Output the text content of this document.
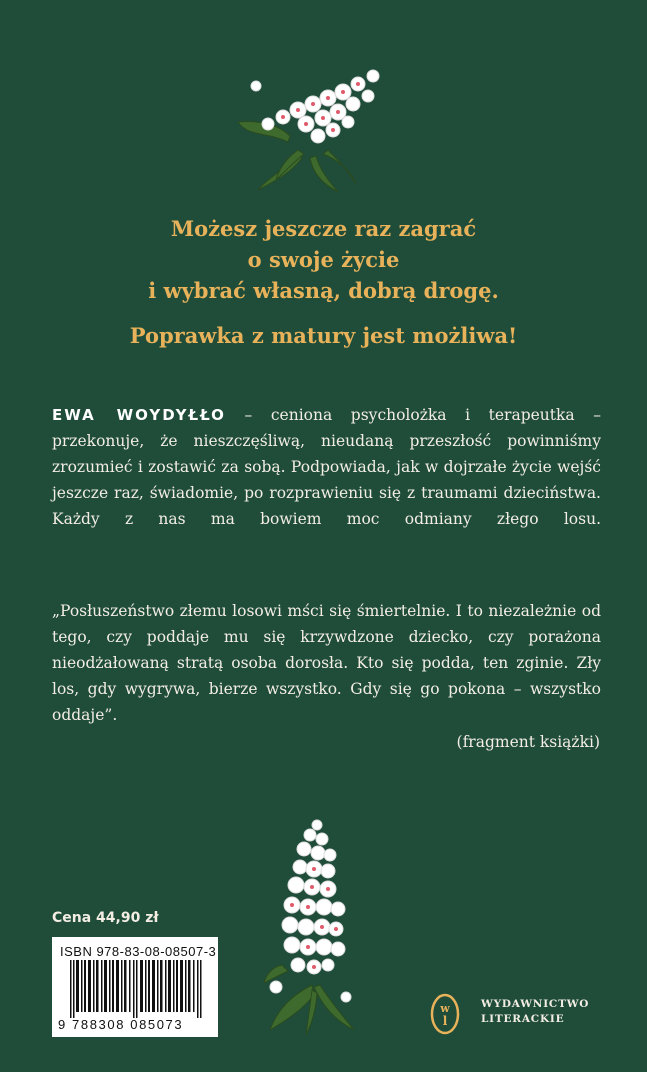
Możesz jeszcze raz zagrać
o swoje życie
i wybrać własną, dobrą drogę.
Poprawka z matury jest możliwa!
EWA WOYDYŁŁO – ceniona psycholożka i terapeutka – przekonuje, że nieszczęśliwą, nieudaną przeszłość powinniśmy zrozumieć i zostawić za sobą. Podpowiada, jak w dojrzałe życie wejść jeszcze raz, świadomie, po rozprawieniu się z traumami dzieciństwa. Każdy z nas ma bowiem moc odmiany złego losu.
„Posłuszeństwo złemu losowi mści się śmiertelnie. I to niezależnie od tego, czy poddaje mu się krzywdzone dziecko, czy porażona nieodżałowaną stratą osoba dorosła. Kto się podda, ten zginie. Zły los, gdy wygrywa, bierze wszystko. Gdy się go pokona – wszystko oddaje”.
(fragment książki)
Cena 44,90 zł
ISBN 978-83-08-08507-3
9 788308 085073
w
l
WYDAWNICTWO
LITERACKIE
